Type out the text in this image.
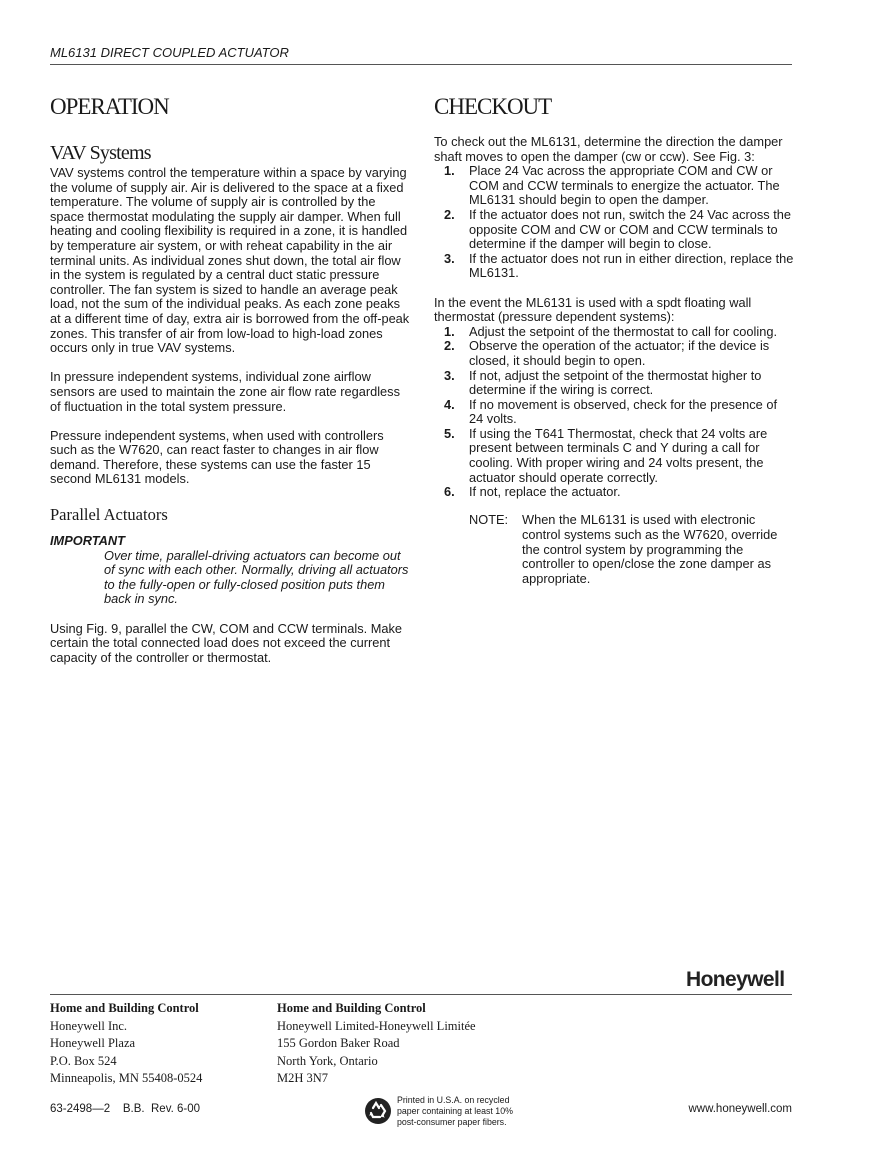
ML6131 DIRECT COUPLED ACTUATOR
OPERATION
VAV Systems

VAV systems control the temperature within a space by varying the volume of supply air. Air is delivered to the space at a fixed temperature. The volume of supply air is controlled by the space thermostat modulating the supply air damper. When full heating and cooling flexibility is required in a zone, it is handled by temperature air system, or with reheat capability in the air terminal units. As individual zones shut down, the total air flow in the system is regulated by a central duct static pressure controller. The fan system is sized to handle an average peak load, not the sum of the individual peaks. As each zone peaks at a different time of day, extra air is borrowed from the off-peak zones. This transfer of air from low-load to high-load zones occurs only in true VAV systems.

In pressure independent systems, individual zone airflow sensors are used to maintain the zone air flow rate regardless of fluctuation in the total system pressure.

Pressure independent systems, when used with controllers such as the W7620, can react faster to changes in air flow demand. Therefore, these systems can use the faster 15 second ML6131 models.

Parallel Actuators
IMPORTANT
Over time, parallel-driving actuators can become out of sync with each other. Normally, driving all actuators to the fully-open or fully-closed position puts them back in sync.

Using Fig. 9, parallel the CW, COM and CCW terminals. Make certain the total connected load does not exceed the current capacity of the controller or thermostat.

CHECKOUT

To check out the ML6131, determine the direction the damper shaft moves to open the damper (cw or ccw). See Fig. 3:

1.	Place 24 Vac across the appropriate COM and CW or COM and CCW terminals to energize the actuator. The ML6131 should begin to open the damper.
2.	If the actuator does not run, switch the 24 Vac across the opposite COM and CW or COM and CCW terminals to determine if the damper will begin to close.
3.	If the actuator does not run in either direction, replace the ML6131.

In the event the ML6131 is used with a spdt floating wall thermostat (pressure dependent systems):

1.	Adjust the setpoint of the thermostat to call for cooling.
2.	Observe the operation of the actuator; if the device is closed, it should begin to open.
3.	If not, adjust the setpoint of the thermostat higher to determine if the wiring is correct.
4.	If no movement is observed, check for the presence of 24 volts.
5.	If using the T641 Thermostat, check that 24 volts are present between terminals C and Y during a call for cooling. With proper wiring and 24 volts present, the actuator should operate correctly.
6.	If not, replace the actuator.
NOTE:	When the ML6131 is used with electronic control systems such as the W7620, override the control system by programming the controller to open/close the zone damper as appropriate.
Honeywell
Home and Building Control
Honeywell Inc.
Honeywell Plaza
P.O. Box 524
Minneapolis, MN 55408-0524
Home and Building Control
Honeywell Limited-Honeywell Limitée
155 Gordon Baker Road
North York, Ontario
M2H 3N7
63-2498—2    B.B.  Rev. 6-00
Printed in U.S.A. on recycled
paper containing at least 10%
post-consumer paper fibers.
www.honeywell.com
